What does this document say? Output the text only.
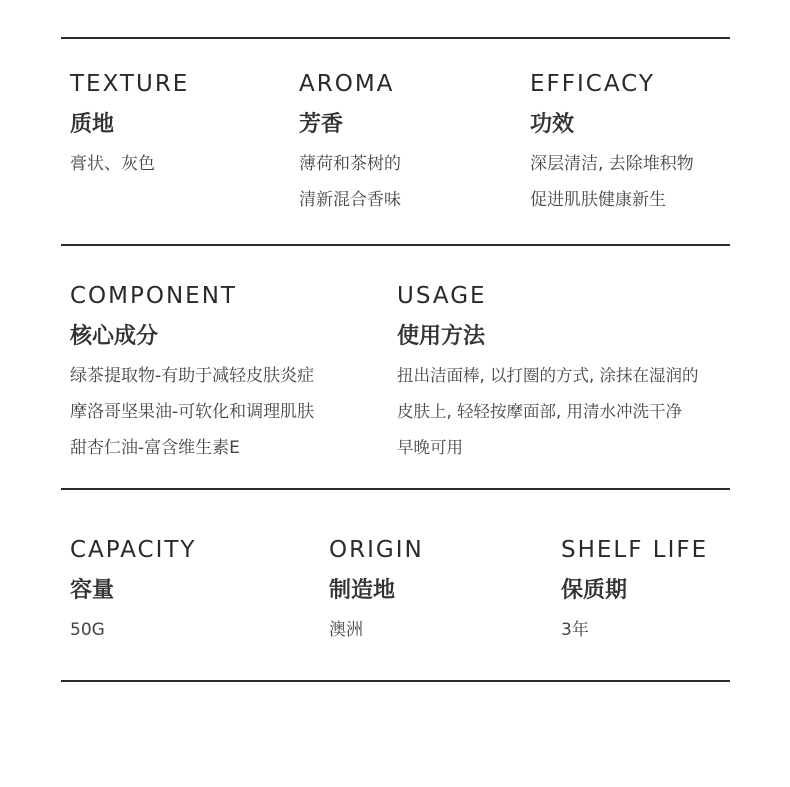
TEXTURE
质地
膏状、灰色
AROMA
芳香
薄荷和茶树的
清新混合香味
EFFICACY
功效
深层清洁, 去除堆积物
促进肌肤健康新生
COMPONENT
核心成分
绿茶提取物-有助于减轻皮肤炎症
摩洛哥坚果油-可软化和调理肌肤
甜杏仁油-富含维生素E
USAGE
使用方法
扭出洁面棒, 以打圈的方式, 涂抹在湿润的
皮肤上, 轻轻按摩面部, 用清水冲洗干净
早晚可用
CAPACITY
容量
50G
ORIGIN
制造地
澳洲
SHELF LIFE
保质期
3年
